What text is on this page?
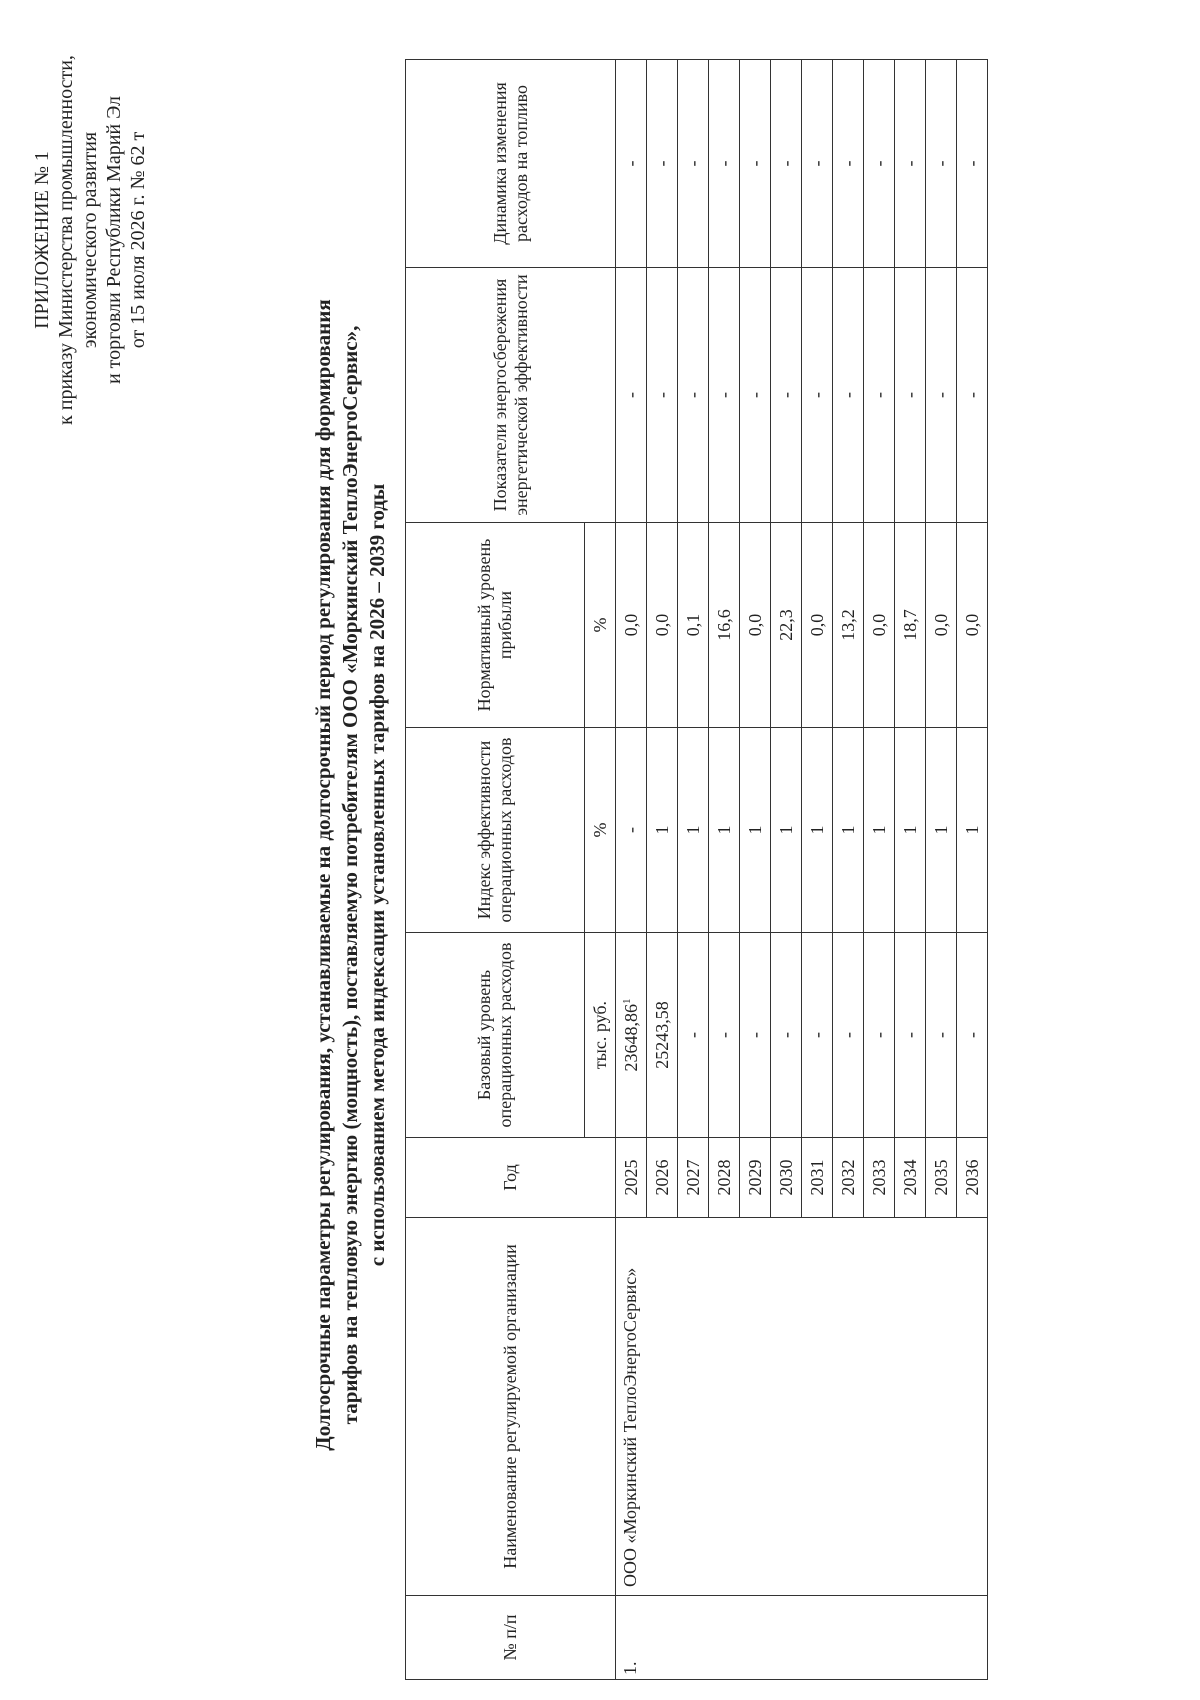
ПРИЛОЖЕНИЕ № 1 к приказу Министерства промышленности, экономического развития и торговли Республики Марий Эл от 15 июля 2026 г. № 62 т
Долгосрочные параметры регулирования, устанавливаемые на долгосрочный период регулирования для формирования тарифов на тепловую энергию (мощность), поставляемую потребителям ООО «Моркинский ТеплоЭнергоСервис», с использованием метода индексации установленных тарифов на 2026 – 2039 годы
№ п/п	Наименование регулируемой организации	Год	Базовый уровень операционных расходов	Индекс эффективности операционных расходов	Нормативный уровень прибыли	Показатели энергосбережения энергетической эффективности	Динамика изменения расходов на топливо
			тыс. руб.	%	%		
1.	ООО «Моркинский ТеплоЭнергоСервис»	2025	23648,86$^1$	-	0,0	-	-
		2026	25243,58	1	0,0	-	-
		2027	-	1	0,1	-	-
		2028	-	1	16,6	-	-
		2029	-	1	0,0	-	-
		2030	-	1	22,3	-	-
		2031	-	1	0,0	-	-
		2032	-	1	13,2	-	-
		2033	-	1	0,0	-	-
		2034	-	1	18,7	-	-
		2035	-	1	0,0	-	-
		2036	-	1	0,0	-	-
